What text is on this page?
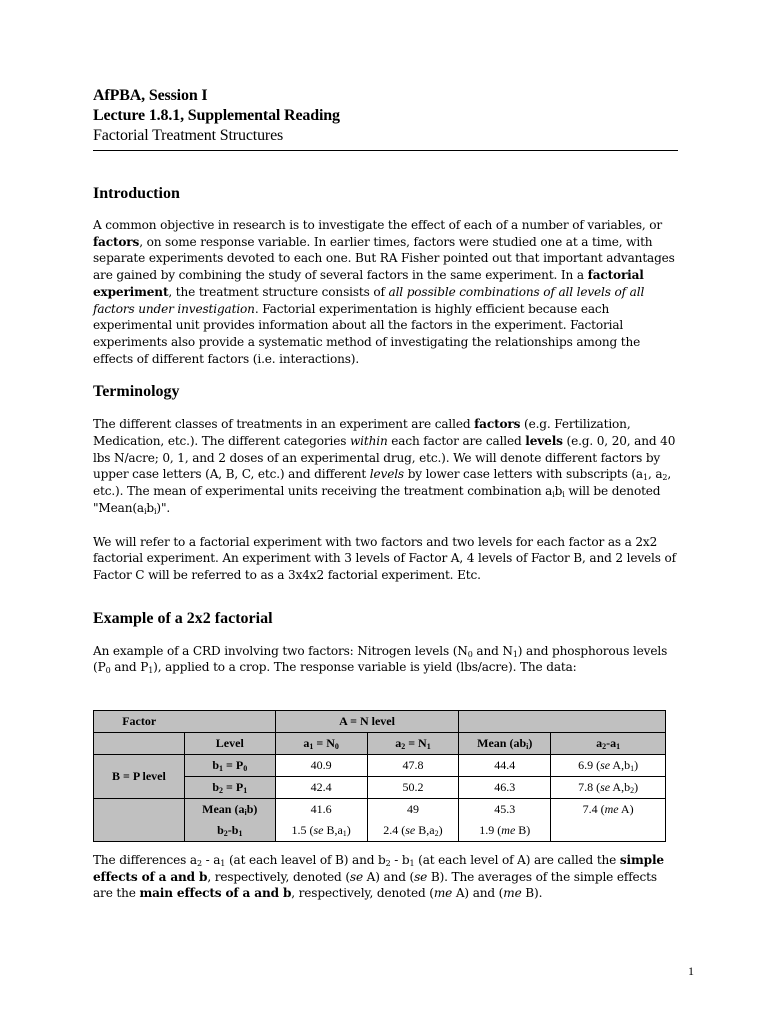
AfPBA, Session I

Lecture 1.8.1, Supplemental Reading

Factorial Treatment Structures

Introduction

A common objective in research is to investigate the effect of each of a number of variables, or factors, on some response variable. In earlier times, factors were studied one at a time, with separate experiments devoted to each one. But RA Fisher pointed out that important advantages are gained by combining the study of several factors in the same experiment. In a factorial experiment, the treatment structure consists of all possible combinations of all levels of all factors under investigation. Factorial experimentation is highly efficient because each experimental unit provides information about all the factors in the experiment. Factorial experiments also provide a systematic method of investigating the relationships among the effects of different factors (i.e. interactions).

Terminology

The different classes of treatments in an experiment are called factors (e.g. Fertilization, Medication, etc.). The different categories within each factor are called levels (e.g. 0, 20, and 40 lbs N/acre; 0, 1, and 2 doses of an experimental drug, etc.). We will denote different factors by upper case letters (A, B, C, etc.) and different levels by lower case letters with subscripts ($a_1$, $a_2$, etc.). The mean of experimental units receiving the treatment combination $a_ib_i$ will be denoted "$Mean(a_ib_i)$".

We will refer to a factorial experiment with two factors and two levels for each factor as a 2x2 factorial experiment. An experiment with 3 levels of Factor A, 4 levels of Factor B, and 2 levels of Factor C will be referred to as a 3x4x2 factorial experiment. Etc.

Example of a 2x2 factorial

An example of a CRD involving two factors: Nitrogen levels ($N_0$ and $N_1$) and phosphorous levels ($P_0$ and $P_1$), applied to a crop. The response variable is yield (lbs/acre). The data:

Factor		A = N level			
	Level	$a_1 = N_0$	$a_2 = N_1$	Mean $(ab_i)$	$a_2-a_1$
B = P level	$b_1 = P_0$	40.9	47.8	44.4	6.9 (se $A,b_1$)
	$b_2 = P_1$	42.4	50.2	46.3	7.8 (se $A,b_2$)
	Mean $(a_ib)$	41.6	49	45.3	7.4 (me A)
	$b_2-b_1$	1.5 (se $B,a_1$)	2.4 (se $B,a_2$)	1.9 (me B)	

The differences $a_2 - a_1$ (at each leavel of B) and $b_2 - b_1$ (at each level of A) are called the simple effects of a and b, respectively, denoted (se A) and (se B). The averages of the simple effects are the main effects of a and b, respectively, denoted (me A) and (me B).

1
